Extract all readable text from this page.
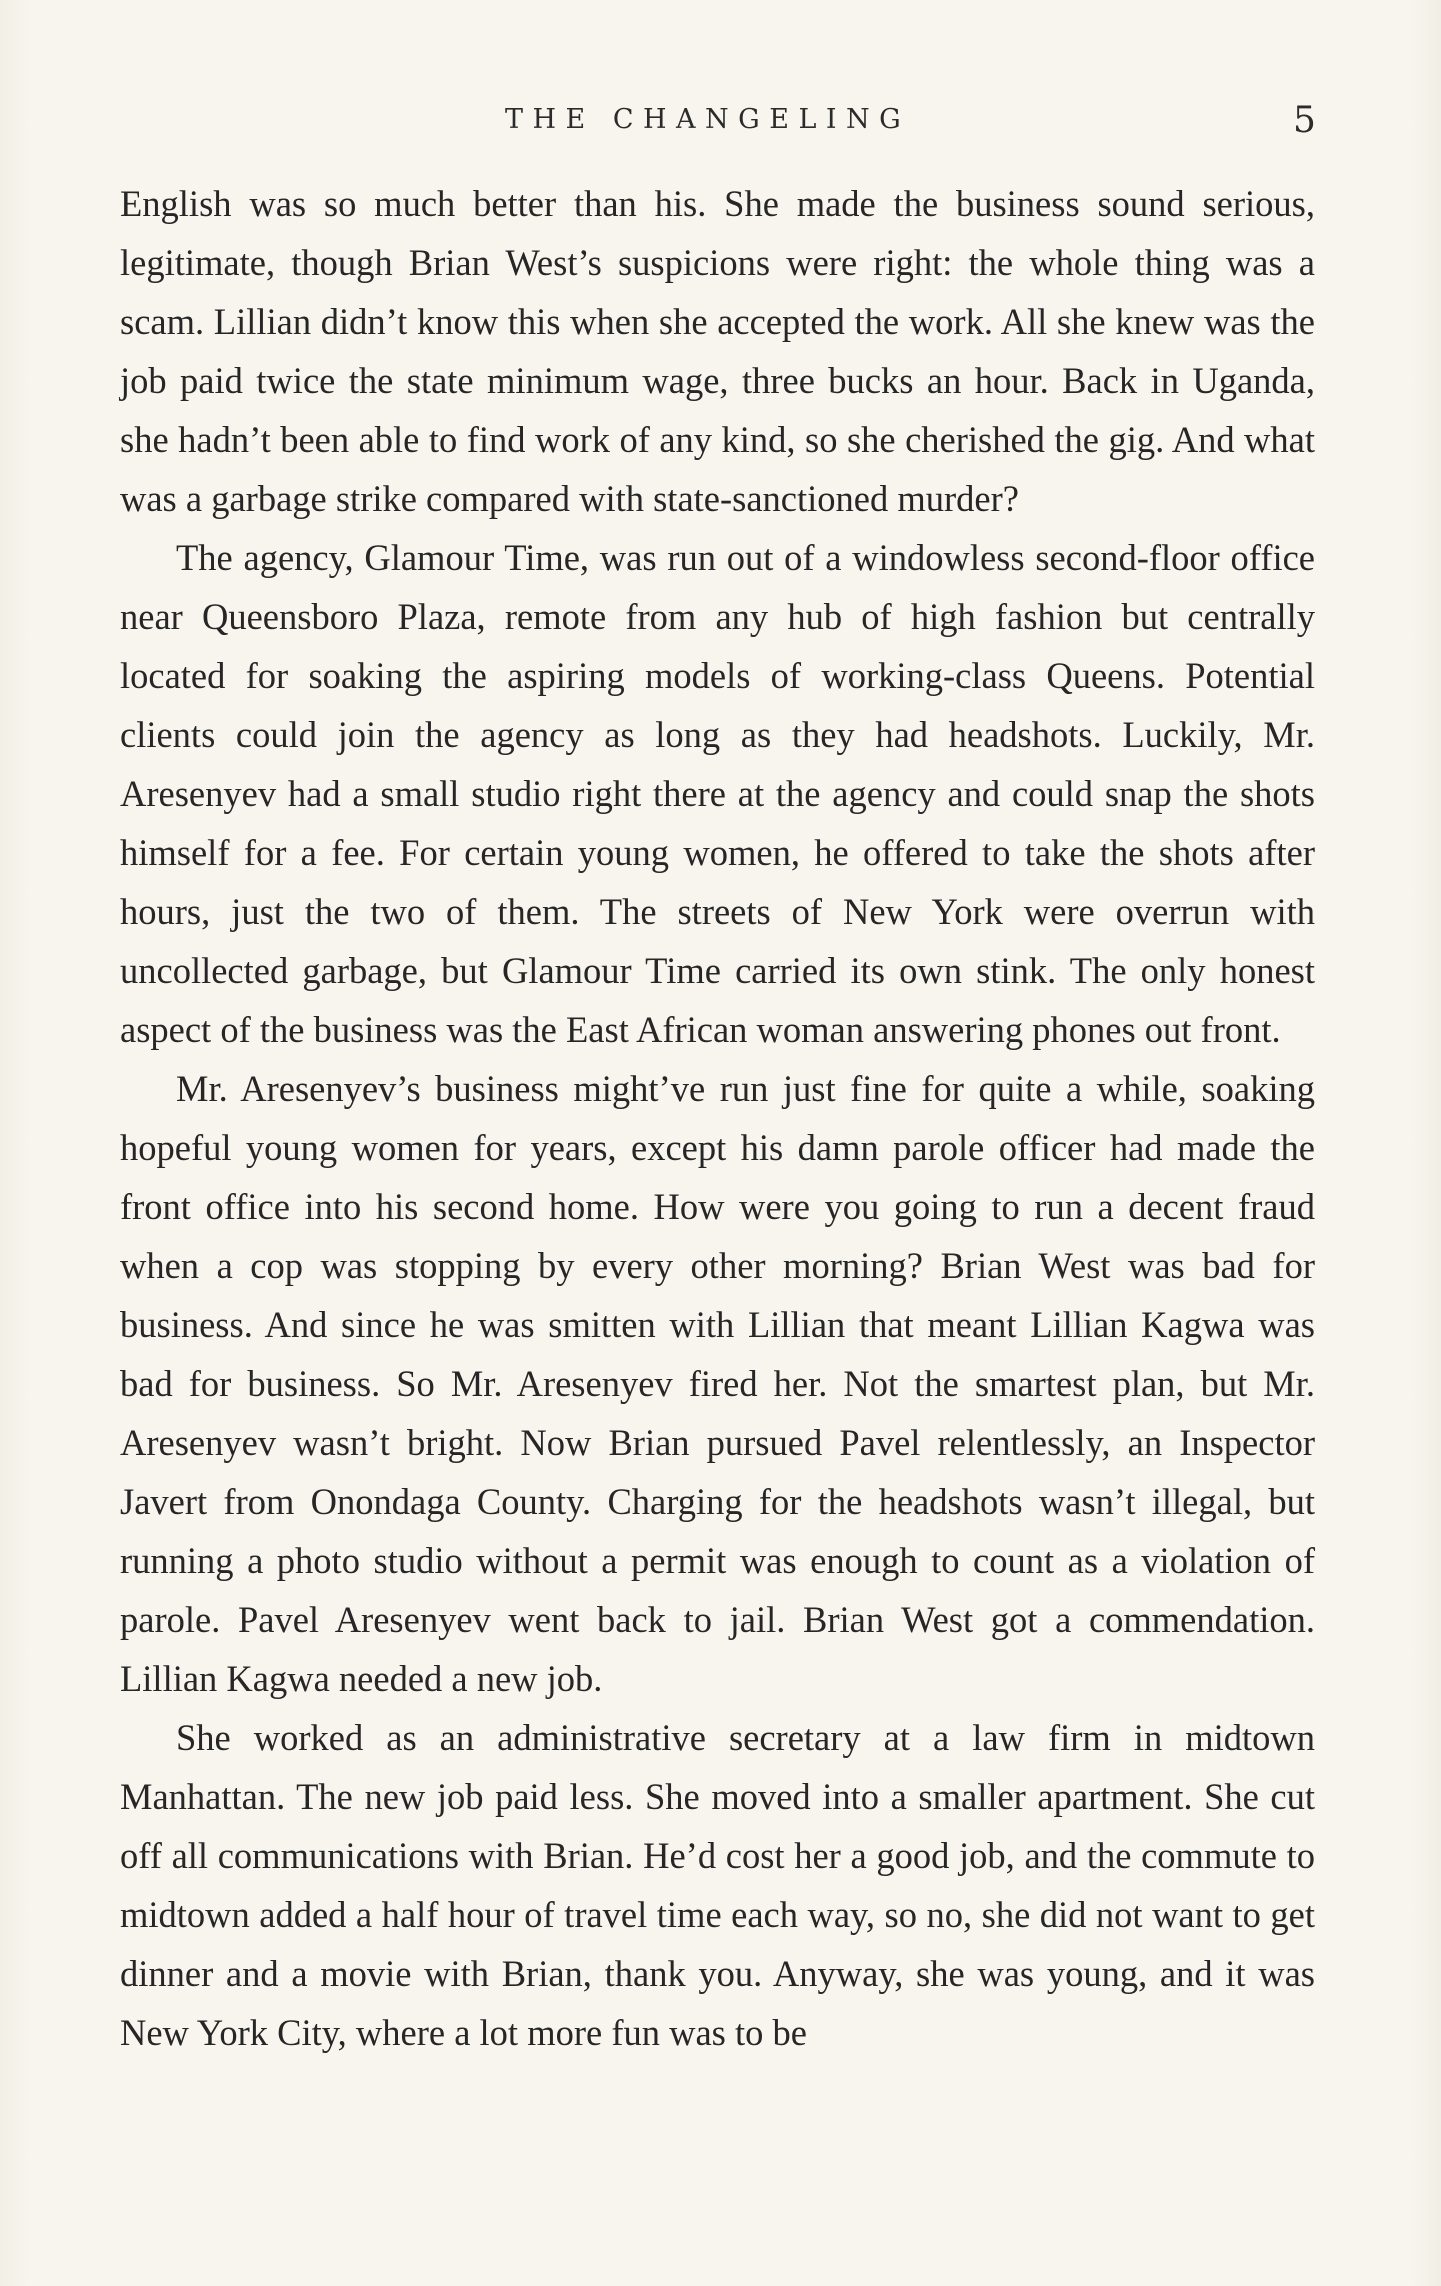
THE CHANGELING	5

English was so much better than his. She made the business sound serious, legitimate, though Brian West’s suspicions were right: the whole thing was a scam. Lillian didn’t know this when she accepted the work. All she knew was the job paid twice the state minimum wage, three bucks an hour. Back in Uganda, she hadn’t been able to find work of any kind, so she cherished the gig. And what was a garbage strike compared with state-sanctioned murder?

The agency, Glamour Time, was run out of a windowless second-floor office near Queensboro Plaza, remote from any hub of high fashion but centrally located for soaking the aspiring models of working-class Queens. Potential clients could join the agency as long as they had headshots. Luckily, Mr. Aresenyev had a small studio right there at the agency and could snap the shots himself for a fee. For certain young women, he offered to take the shots after hours, just the two of them. The streets of New York were overrun with uncollected garbage, but Glamour Time carried its own stink. The only honest aspect of the business was the East African woman answering phones out front.

Mr. Aresenyev’s business might’ve run just fine for quite a while, soaking hopeful young women for years, except his damn parole officer had made the front office into his second home. How were you going to run a decent fraud when a cop was stopping by every other morning? Brian West was bad for business. And since he was smitten with Lillian that meant Lillian Kagwa was bad for business. So Mr. Aresenyev fired her. Not the smartest plan, but Mr. Aresenyev wasn’t bright. Now Brian pursued Pavel relentlessly, an Inspector Javert from Onondaga County. Charging for the headshots wasn’t illegal, but running a photo studio without a permit was enough to count as a violation of parole. Pavel Aresenyev went back to jail. Brian West got a commendation. Lillian Kagwa needed a new job.

She worked as an administrative secretary at a law firm in midtown Manhattan. The new job paid less. She moved into a smaller apartment. She cut off all communications with Brian. He’d cost her a good job, and the commute to midtown added a half hour of travel time each way, so no, she did not want to get dinner and a movie with Brian, thank you. Anyway, she was young, and it was New York City, where a lot more fun was to be
